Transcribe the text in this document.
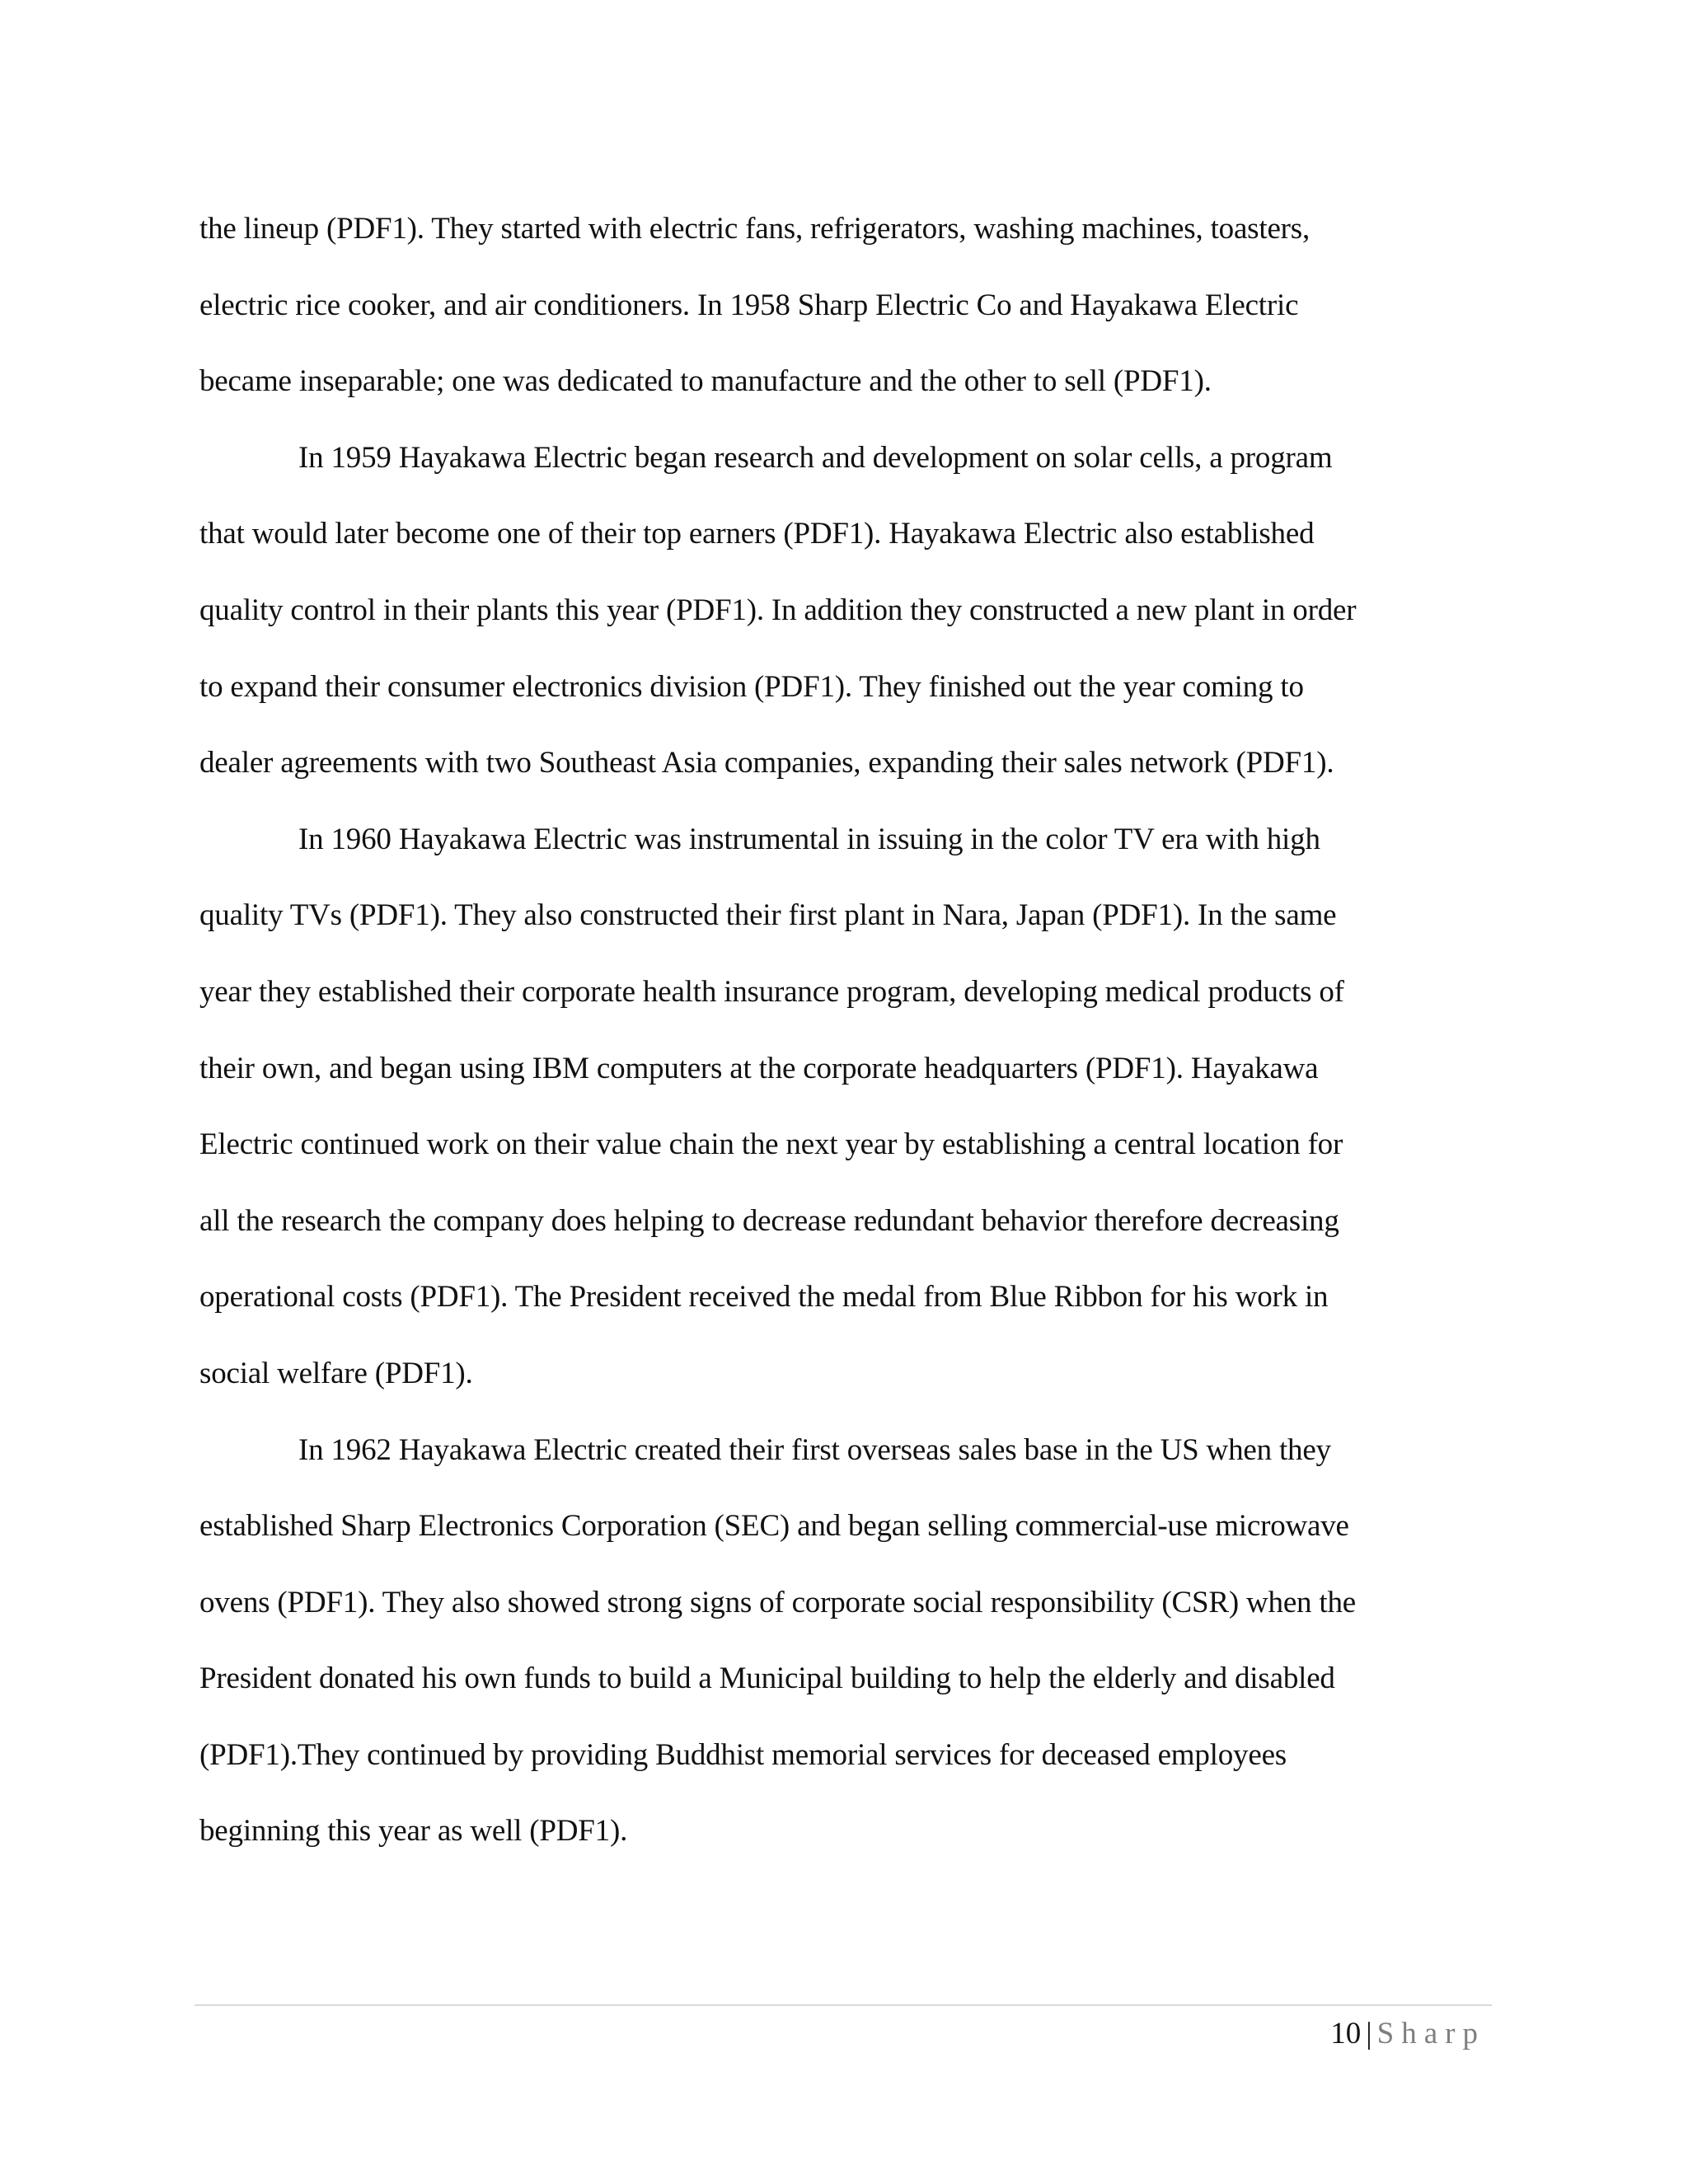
the lineup (PDF1). They started with electric fans, refrigerators, washing machines, toasters,
electric rice cooker, and air conditioners. In 1958 Sharp Electric Co and Hayakawa Electric
became inseparable; one was dedicated to manufacture and the other to sell (PDF1).

In 1959 Hayakawa Electric began research and development on solar cells, a program
that would later become one of their top earners (PDF1). Hayakawa Electric also established
quality control in their plants this year (PDF1). In addition they constructed a new plant in order
to expand their consumer electronics division (PDF1). They finished out the year coming to
dealer agreements with two Southeast Asia companies, expanding their sales network (PDF1).

In 1960 Hayakawa Electric was instrumental in issuing in the color TV era with high
quality TVs (PDF1). They also constructed their first plant in Nara, Japan (PDF1). In the same
year they established their corporate health insurance program, developing medical products of
their own, and began using IBM computers at the corporate headquarters (PDF1). Hayakawa
Electric continued work on their value chain the next year by establishing a central location for
all the research the company does helping to decrease redundant behavior therefore decreasing
operational costs (PDF1). The President received the medal from Blue Ribbon for his work in
social welfare (PDF1).

In 1962 Hayakawa Electric created their first overseas sales base in the US when they
established Sharp Electronics Corporation (SEC) and began selling commercial-use microwave
ovens (PDF1). They also showed strong signs of corporate social responsibility (CSR) when the
President donated his own funds to build a Municipal building to help the elderly and disabled
(PDF1).They continued by providing Buddhist memorial services for deceased employees
beginning this year as well (PDF1).

10 | Sharp
